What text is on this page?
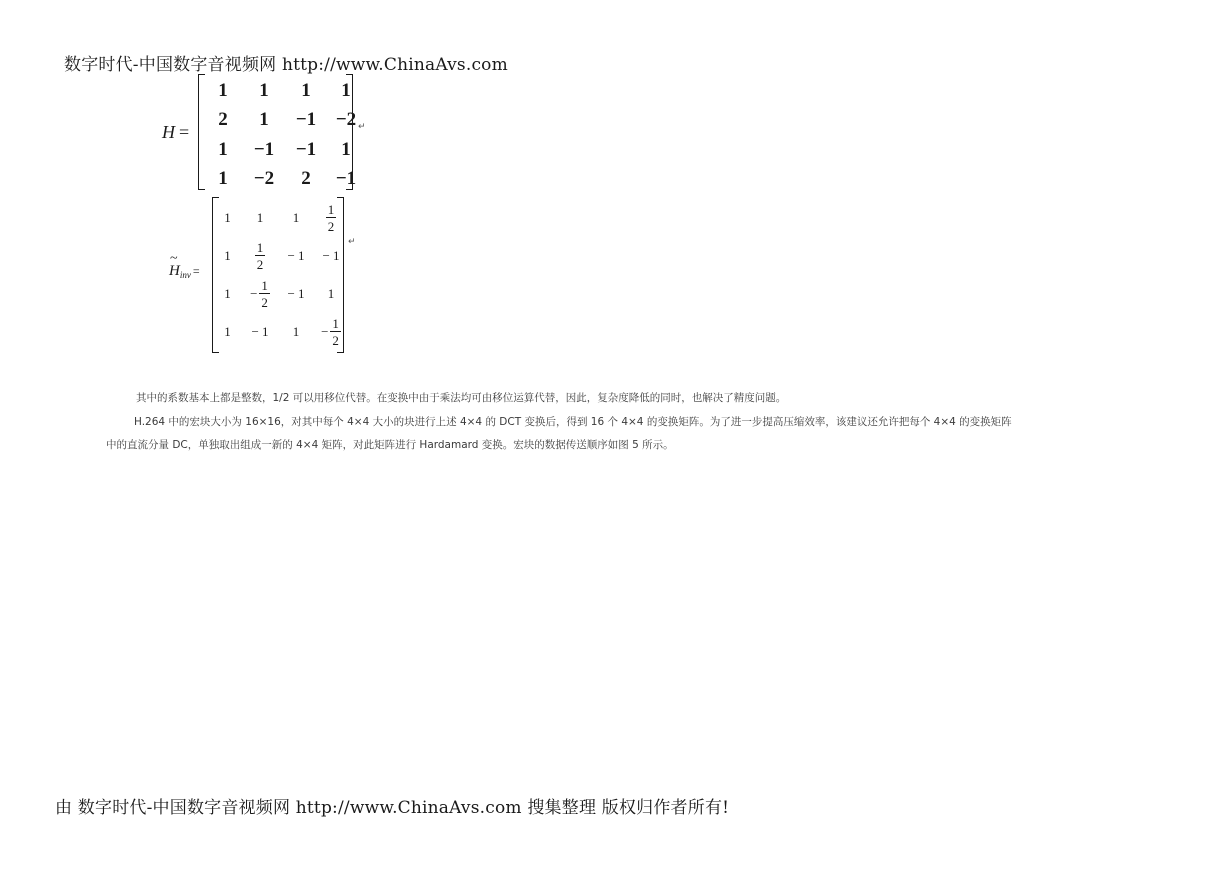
数字时代-中国数字音视频网 http://www.ChinaAvs.com
H =
1	1	1	1
2	1	−1	−2
1	−1	−1	1
1	−2	2	−1
↵
~ $H_{inv}$ =
1	1	1	$\frac{1}{2}$
1	$\frac{1}{2}$	− 1	− 1
1	− $\frac{1}{2}$	− 1	1
1	− 1	1	− $\frac{1}{2}$
↵
其中的系数基本上都是整数，1/2 可以用移位代替。在变换中由于乘法均可由移位运算代替，因此，复杂度降低的同时，也解决了精度问题。
H.264 中的宏块大小为 16×16，对其中每个 4×4 大小的块进行上述 4×4 的 DCT 变换后，得到 16 个 4×4 的变换矩阵。为了进一步提高压缩效率，该建议还允许把每个 4×4 的变换矩阵
中的直流分量 DC，单独取出组成一新的 4×4 矩阵，对此矩阵进行 Hardamard 变换。宏块的数据传送顺序如图 5 所示。
由 数字时代-中国数字音视频网 http://www.ChinaAvs.com 搜集整理 版权归作者所有!
